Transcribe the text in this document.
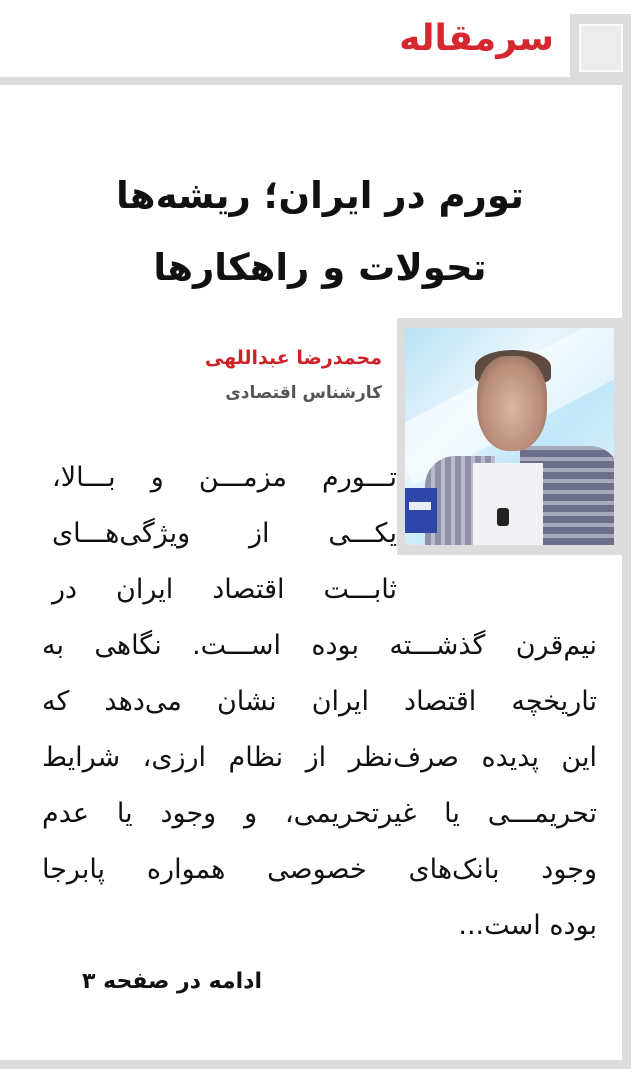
سرمقاله
تورم در ایران؛ ریشه‌ها
تحولات و راهکارها
محمدرضا عبداللهی
کارشناس اقتصادی
تـــورم مزمـــن و بـــالا،
یکـــی از ویژگی‌هـــای
ثابـــت اقتصاد ایران در
نیم‌قرن گذشـــته بوده اســـت. نگاهی به
تاریخچه اقتصاد ایران نشان می‌دهد که
این پدیده صرف‌نظر از نظام ارزی، شرایط
تحریمـــی یا غیرتحریمی، و وجود یا عدم
وجود بانک‌های خصوصی همواره پابرجا
بوده است...
ادامه در صفحه ۳
